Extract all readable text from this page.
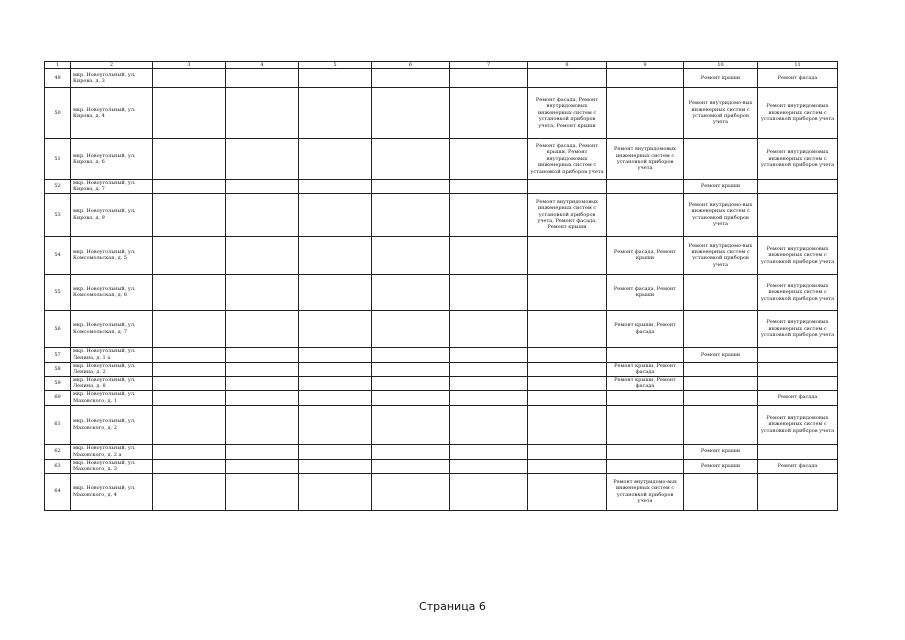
1	2	3	4	5	6	7	8	9	10	11
49	мкр. Новоугольный, ул. Кирова, д. 3								Ремонт крыши	Ремонт фасада
50	мкр. Новоугольный, ул. Кирова, д. 4						Ремонт фасада, Ремонт внутридомовых инженерных систем с установкой приборов учета, Ремонт крыши		Ремонт внутридомо-вых инженерных систем с установкой приборов учета	Ремонт внутридомовых инженерных систем с установкой приборов учета
51	мкр. Новоугольный, ул. Кирова, д. 6						Ремонт фасада, Ремонт крыши, Ремонт внутридомовых инженерных систем с установкой приборов учета	Ремонт внутридомовых инженерных систем с установкой приборов учета		Ремонт внутридомовых инженерных систем с установкой приборов учета
52	мкр. Новоугольный, ул. Кирова, д. 7								Ремонт крыши	
53	мкр. Новоугольный, ул. Кирова, д. 9						Ремонт внутридомовых инженерных систем с установкой приборов учета, Ремонт фасада, Ремонт крыши		Ремонт внутридомо-вых инженерных систем с установкой приборов учета	
54	мкр. Новоугольный, ул. Комсомольская, д. 5							Ремонт фасада, Ремонт крыши	Ремонт внутридомо-вых инженерных систем с установкой приборов учета	Ремонт внутридомовых инженерных систем с установкой приборов учета
55	мкр. Новоугольный, ул. Комсомольская, д. 6							Ремонт фасада, Ремонт крыши		Ремонт внутридомовых инженерных систем с установкой приборов учета
56	мкр. Новоугольный, ул. Комсомольская, д. 7							Ремонт крыши, Ремонт фасада		Ремонт внутридомовых инженерных систем с установкой приборов учета
57	мкр. Новоугольный, ул. Ленина, д. 1 а								Ремонт крыши	
58	мкр. Новоугольный, ул. Ленина, д. 2							Ремонт крыши, Ремонт фасада		
59	мкр. Новоугольный, ул. Ленина, д. 8							Ремонт крыши, Ремонт фасада		
60	мкр. Новоугольный, ул. Маховского, д. 1									Ремонт фасада
61	мкр. Новоугольный, ул. Маховского, д. 2									Ремонт внутридомовых инженерных систем с установкой приборов учета
62	мкр. Новоугольный, ул. Маховского, д. 2 а								Ремонт крыши	
63	мкр. Новоугольный, ул. Маховского, д. 3								Ремонт крыши	Ремонт фасада
64	мкр. Новоугольный, ул. Маховского, д. 4							Ремонт внутридомо-вых инженерных систем с установкой приборов учета		
Страница 6
